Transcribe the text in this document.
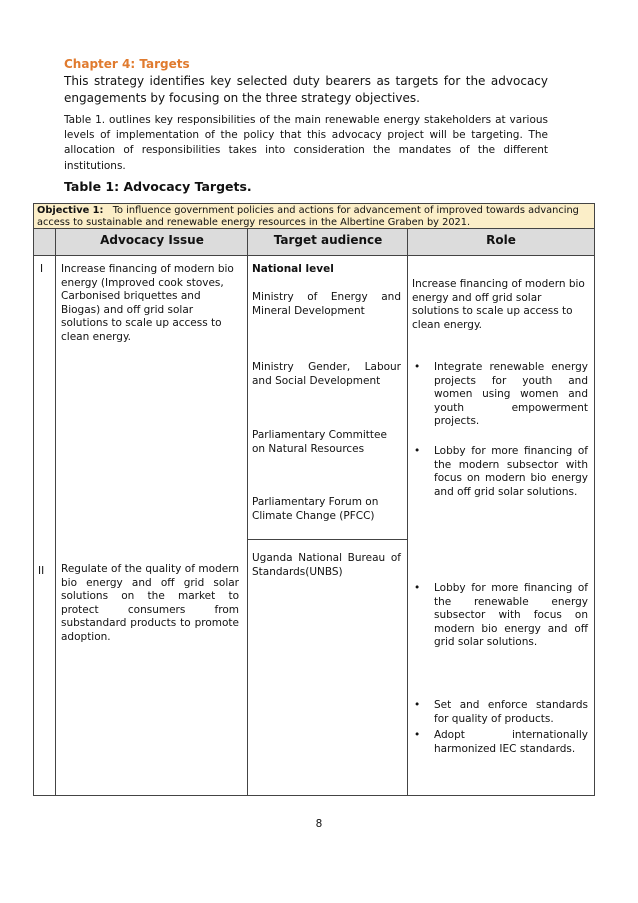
Chapter 4: Targets
This strategy identifies key selected duty bearers as targets for the advocacy engagements by focusing on the three strategy objectives.
Table 1. outlines key responsibilities of the main renewable energy stakeholders at various levels of implementation of the policy that this advocacy project will be targeting. The allocation of responsibilities takes into consideration the mandates of the different institutions.
Table 1: Advocacy Targets.
Objective 1: To influence government policies and actions for advancement of improved towards advancing access to sustainable and renewable energy resources in the Albertine Graben by 2021.
Advocacy Issue	Target audience	Role
I Increase financing of modern bio energy (Improved cook stoves, Carbonised briquettes and Biogas) and off grid solar solutions to scale up access to clean energy.
II Regulate of the quality of modern bio energy and off grid solar solutions on the market to protect consumers from substandard products to promote adoption.
National level
Ministry of Energy and Mineral Development
Ministry Gender, Labour and Social Development
Parliamentary Committee on Natural Resources
Parliamentary Forum on Climate Change (PFCC)
Uganda National Bureau of Standards(UNBS)
Increase financing of modern bio energy and off grid solar solutions to scale up access to clean energy.
• Integrate renewable energy projects for youth and women using women and youth empowerment projects.
• Lobby for more financing of the modern subsector with focus on modern bio energy and off grid solar solutions.
• Lobby for more financing of the renewable energy subsector with focus on modern bio energy and off grid solar solutions.
• Set and enforce standards for quality of products.
• Adopt internationally harmonized IEC standards.
8
